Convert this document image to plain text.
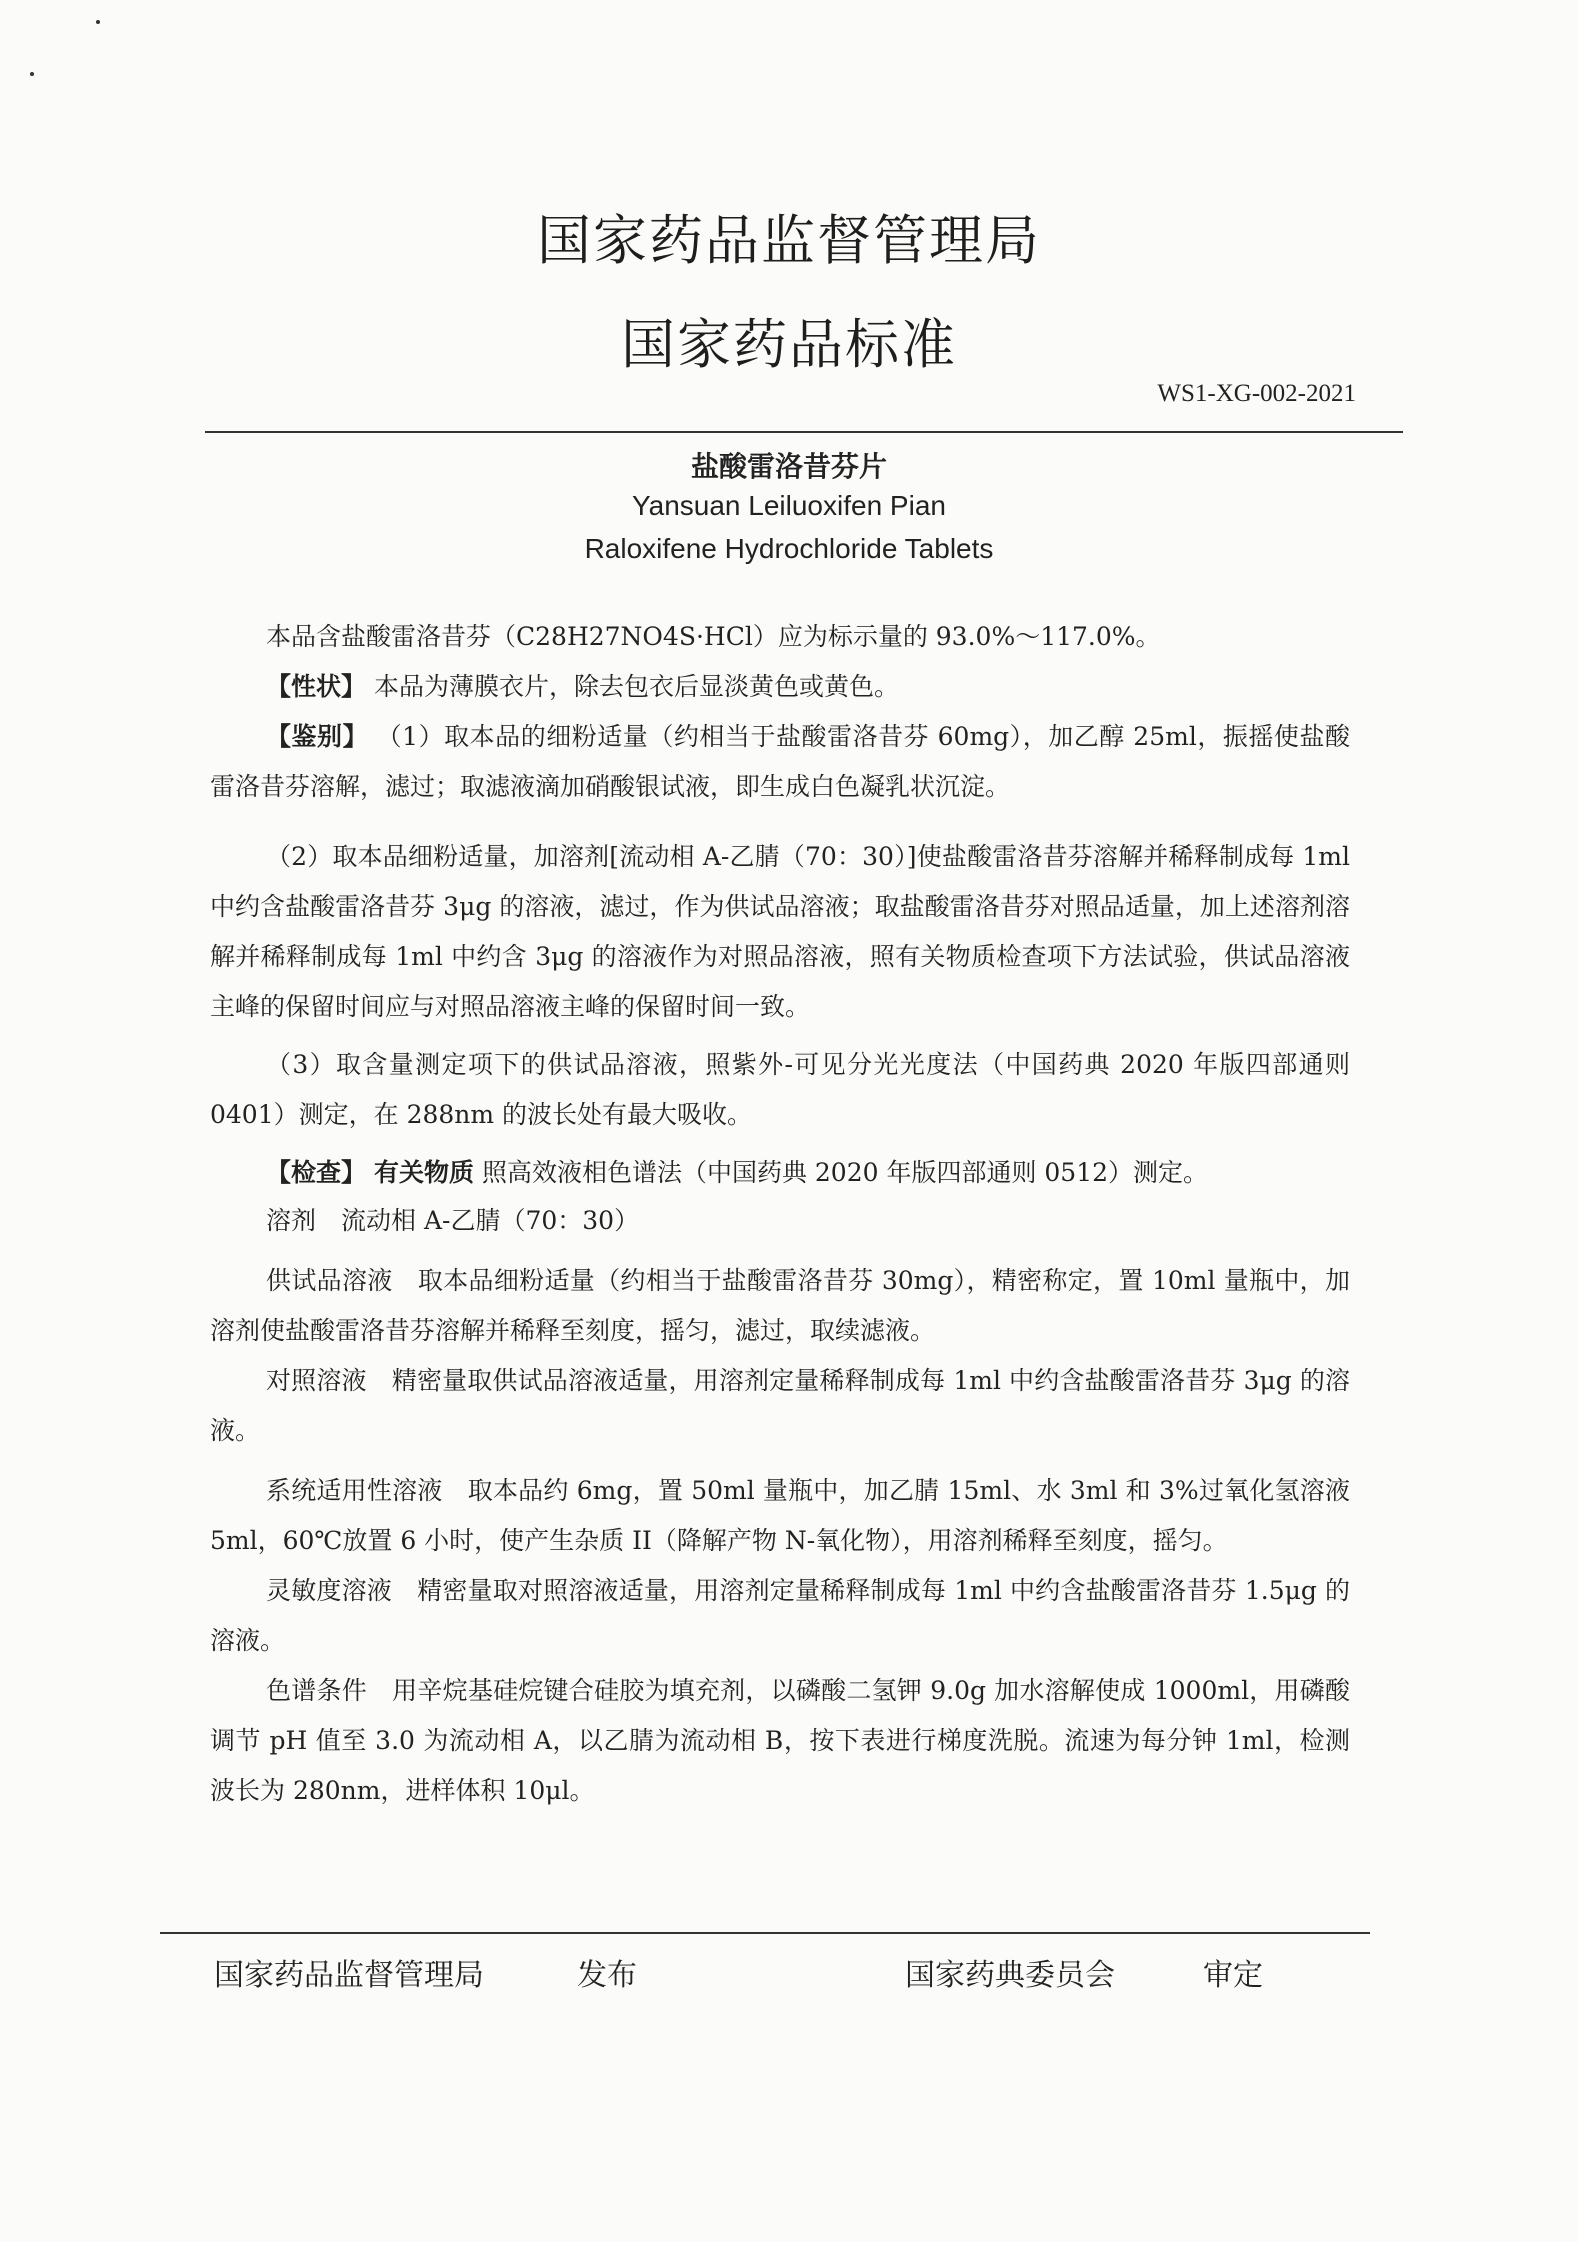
国家药品监督管理局
国家药品标准
WS1-XG-002-2021
盐酸雷洛昔芬片
Yansuan Leiluoxifen Pian
Raloxifene Hydrochloride Tablets
本品含盐酸雷洛昔芬（C28H27NO4S·HCl）应为标示量的 93.0%～117.0%。
【性状】 本品为薄膜衣片，除去包衣后显淡黄色或黄色。
【鉴别】 （1）取本品的细粉适量（约相当于盐酸雷洛昔芬 60mg），加乙醇 25ml，振摇使盐酸雷洛昔芬溶解，滤过；取滤液滴加硝酸银试液，即生成白色凝乳状沉淀。
（2）取本品细粉适量，加溶剂[流动相 A-乙腈（70：30）]使盐酸雷洛昔芬溶解并稀释制成每 1ml 中约含盐酸雷洛昔芬 3μg 的溶液，滤过，作为供试品溶液；取盐酸雷洛昔芬对照品适量，加上述溶剂溶解并稀释制成每 1ml 中约含 3μg 的溶液作为对照品溶液，照有关物质检查项下方法试验，供试品溶液主峰的保留时间应与对照品溶液主峰的保留时间一致。
（3）取含量测定项下的供试品溶液，照紫外-可见分光光度法（中国药典 2020 年版四部通则 0401）测定，在 288nm 的波长处有最大吸收。
【检查】 有关物质 照高效液相色谱法（中国药典 2020 年版四部通则 0512）测定。
溶剂　流动相 A-乙腈（70：30）
供试品溶液　取本品细粉适量（约相当于盐酸雷洛昔芬 30mg），精密称定，置 10ml 量瓶中，加溶剂使盐酸雷洛昔芬溶解并稀释至刻度，摇匀，滤过，取续滤液。
对照溶液　精密量取供试品溶液适量，用溶剂定量稀释制成每 1ml 中约含盐酸雷洛昔芬 3μg 的溶液。
系统适用性溶液　取本品约 6mg，置 50ml 量瓶中，加乙腈 15ml、水 3ml 和 3%过氧化氢溶液 5ml，60℃放置 6 小时，使产生杂质 II（降解产物 N-氧化物），用溶剂稀释至刻度，摇匀。
灵敏度溶液　精密量取对照溶液适量，用溶剂定量稀释制成每 1ml 中约含盐酸雷洛昔芬 1.5μg 的溶液。
色谱条件　用辛烷基硅烷键合硅胶为填充剂，以磷酸二氢钾 9.0g 加水溶解使成 1000ml，用磷酸调节 pH 值至 3.0 为流动相 A，以乙腈为流动相 B，按下表进行梯度洗脱。流速为每分钟 1ml，检测波长为 280nm，进样体积 10μl。
国家药品监督管理局	发布	国家药典委员会	审定
